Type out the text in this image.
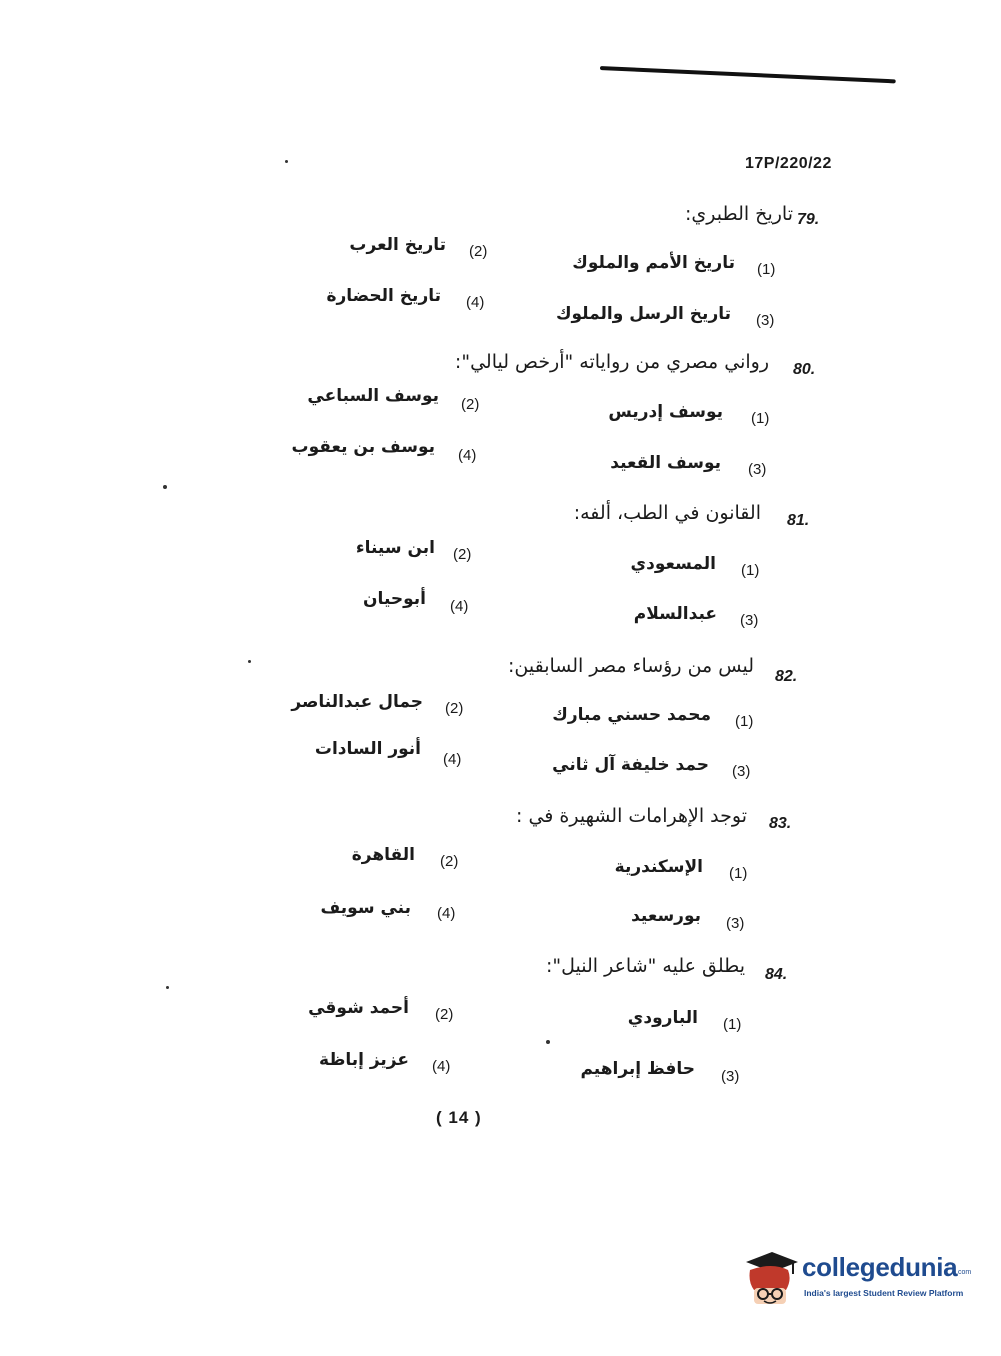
17P/220/22
79.
تاريخ الطبري:
(1)
تاريخ الأمم والملوك
(2)
تاريخ العرب
(3)
تاريخ الرسل والملوك
(4)
تاريخ الحضارة
80.
رواني مصري من رواياته "أرخص ليالي":
(1)
يوسف إدريس
(2)
يوسف السباعي
(3)
يوسف القعيد
(4)
يوسف بن يعقوب
81.
القانون في الطب، ألفه:
(1)
المسعودي
(2)
ابن سيناء
(3)
عبدالسلام
(4)
أبوحيان
82.
ليس من رؤساء مصر السابقين:
(1)
محمد حسني مبارك
(2)
جمال عبدالناصر
(3)
حمد خليفة آل ثاني
(4)
أنور السادات
83.
توجد الإهرامات الشهيرة في :
(1)
الإسكندرية
(2)
القاهرة
(3)
بورسعيد
(4)
بني سويف
84.
يطلق عليه "شاعر النيل":
(1)
البارودي
(2)
أحمد شوقي
(3)
حافظ إبراهيم
(4)
عزيز إباظة
( 14 )
collegedunia
.com
India's largest Student Review Platform
